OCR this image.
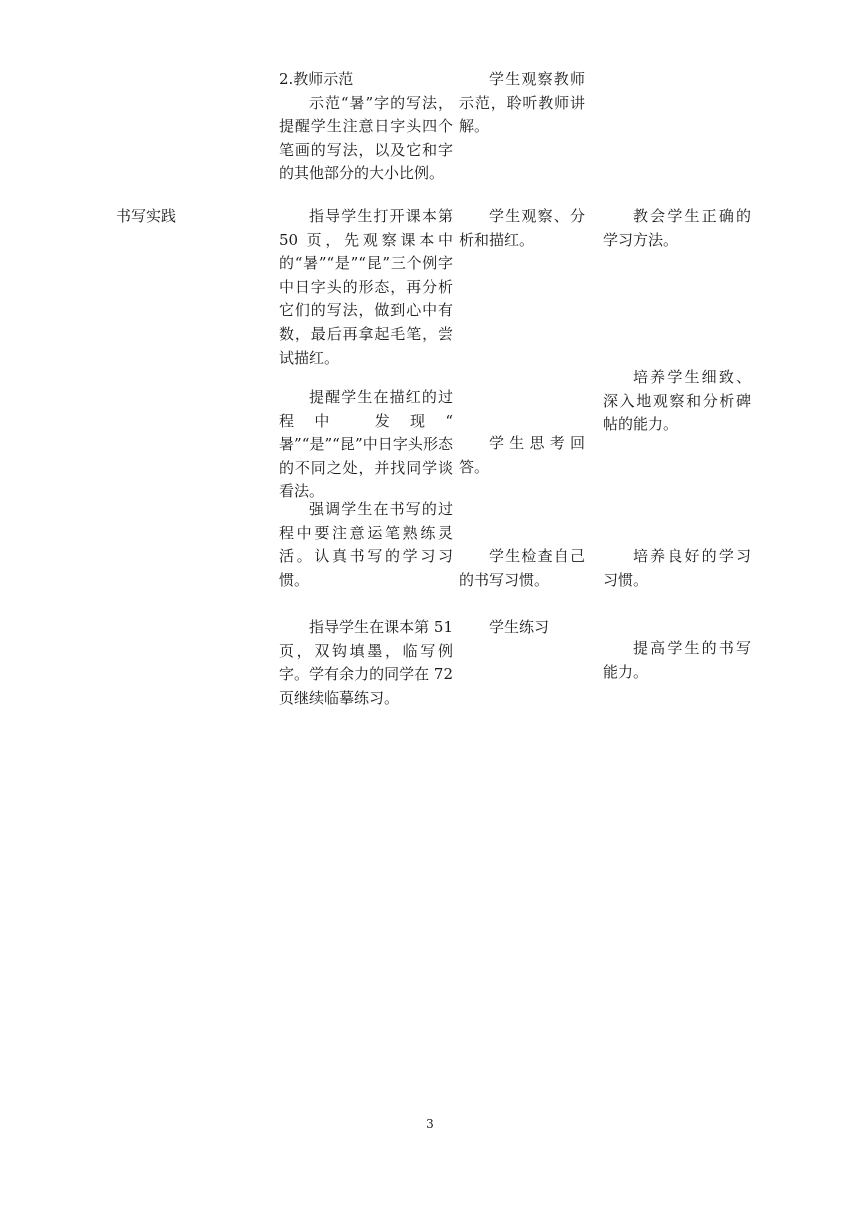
书写实践
2.教师示范
示范“暑”字的写法，提醒学生注意日字头四个笔画的写法，以及它和字的其他部分的大小比例。
指导学生打开课本第 50 页，先观察课本中的“暑”“是”“昆”三个例字中日字头的形态，再分析它们的写法，做到心中有数，最后再拿起毛笔，尝试描红。
提醒学生在描红的过程中 发现“ 暑”“是”“昆”中日字头形态的不同之处，并找同学谈看法。
强调学生在书写的过程中要注意运笔熟练灵活。认真书写的学习习惯。
指导学生在课本第 51 页，双钩填墨，临写例字。学有余力的同学在 72 页继续临摹练习。
学生观察教师示范，聆听教师讲解。
学生观察、分析和描红。
学生思考回答。
学生检查自己的书写习惯。
学生练习
教会学生正确的学习方法。
培养学生细致、深入地观察和分析碑帖的能力。
培养良好的学习习惯。
提高学生的书写能力。
3
